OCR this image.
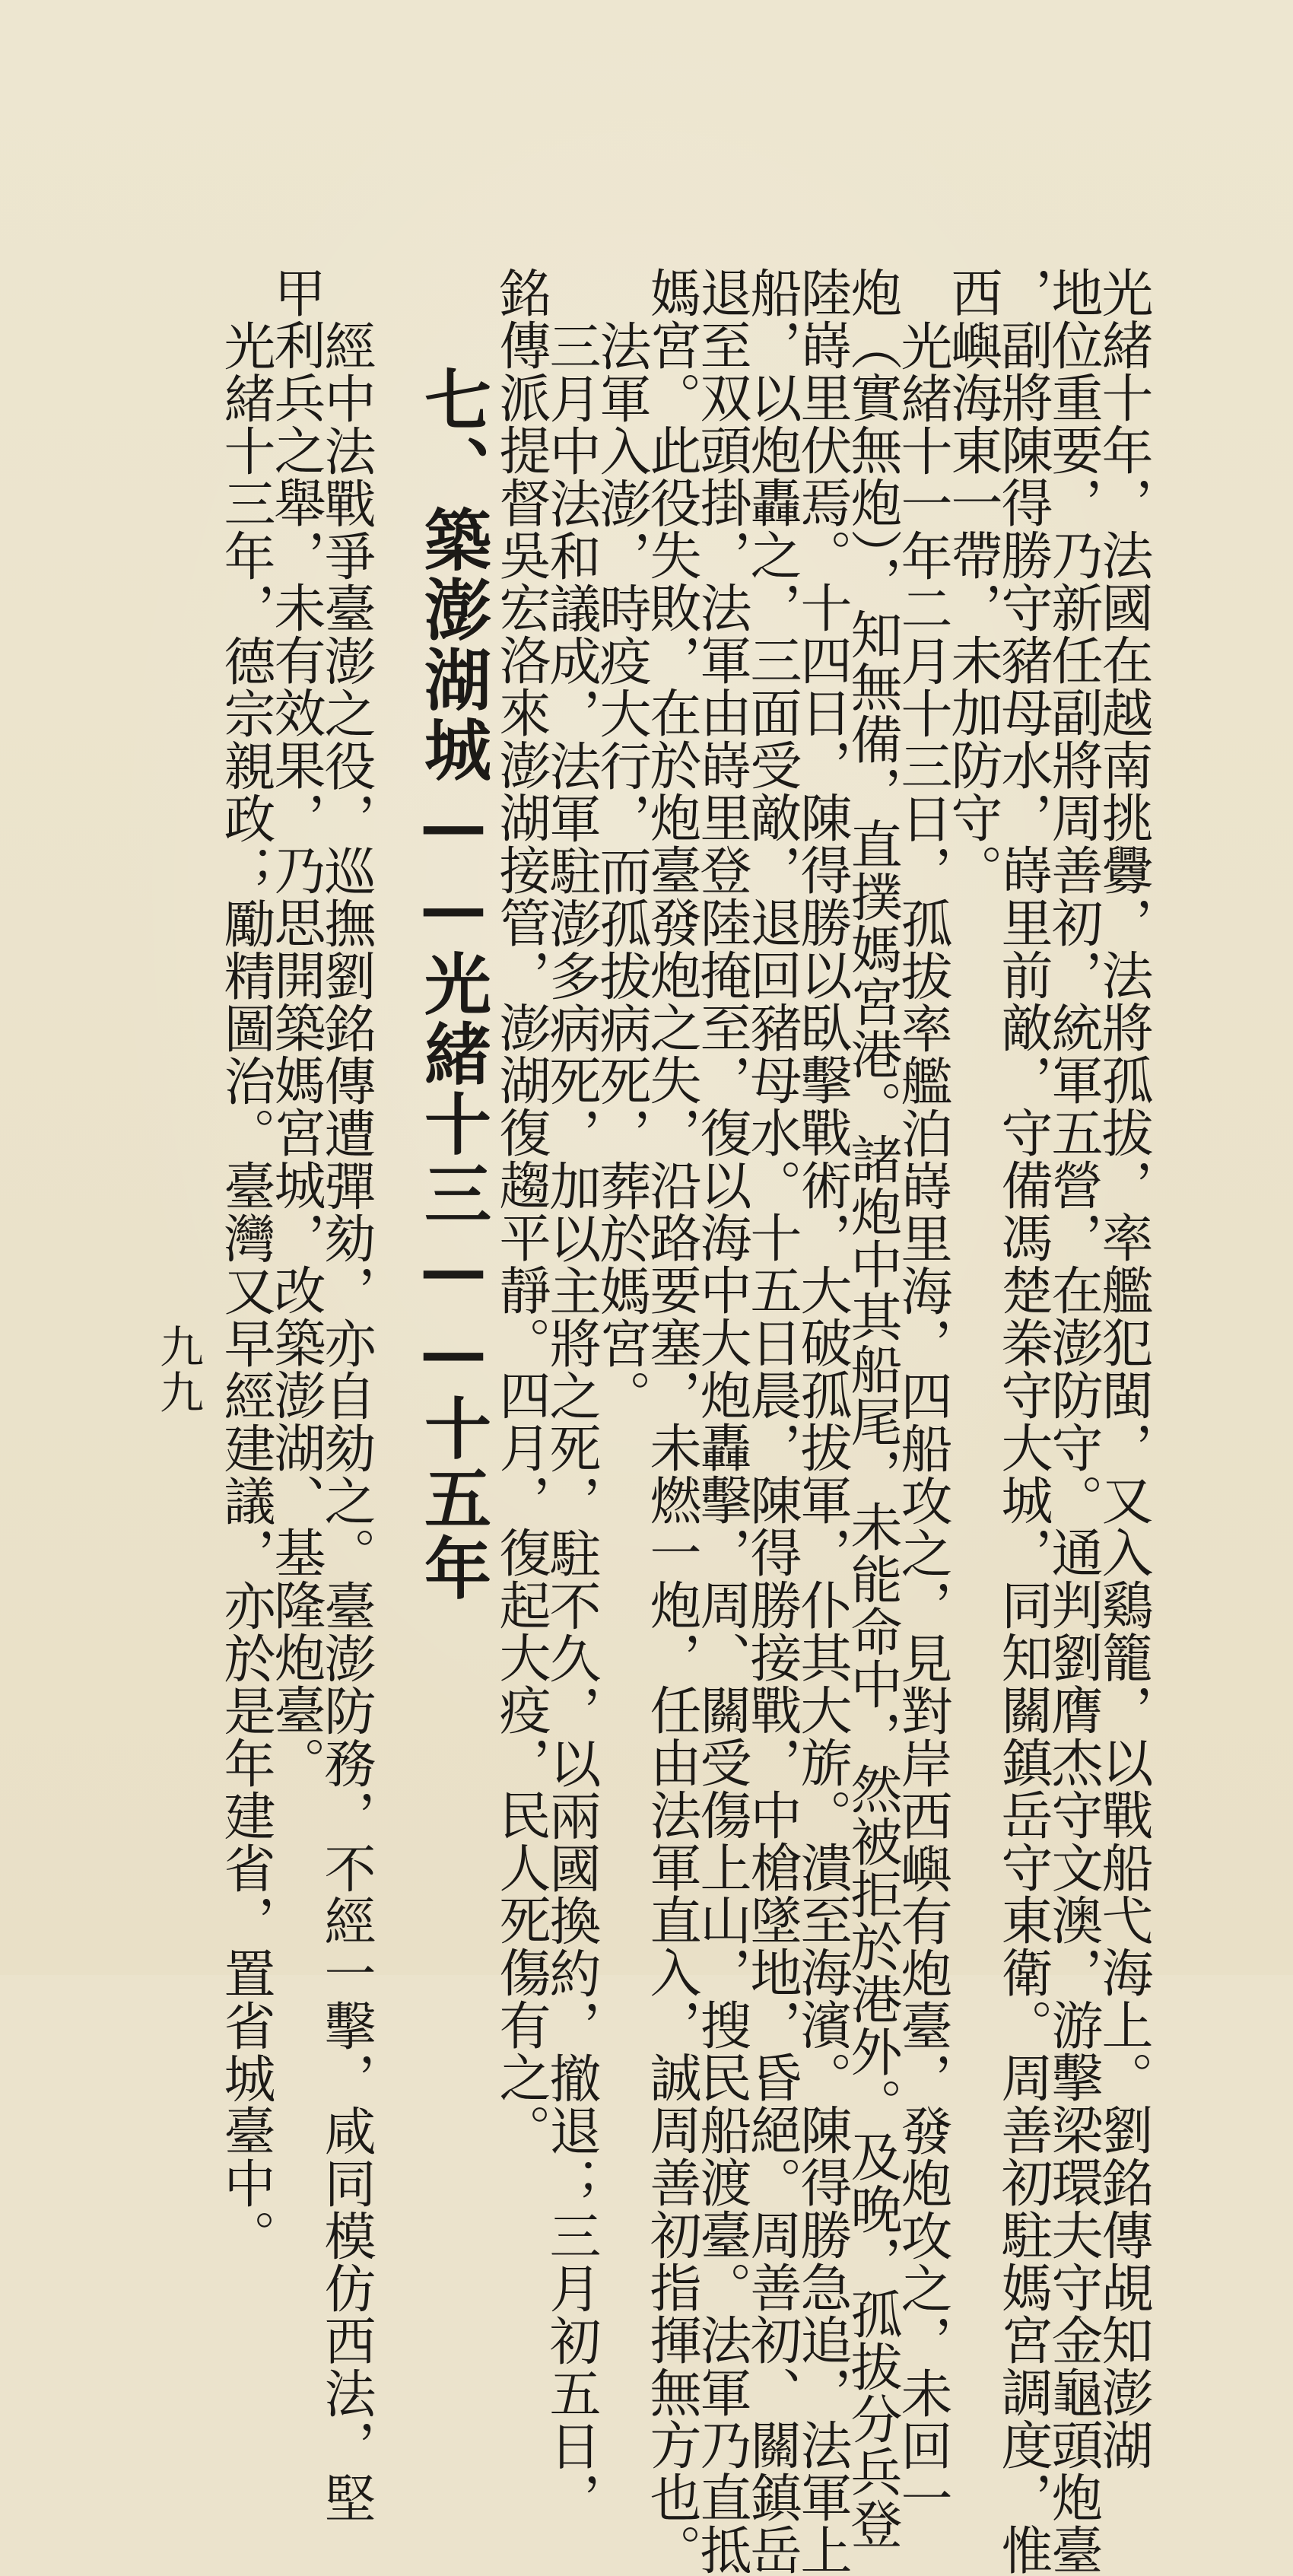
光緒十年，法國在越南挑釁，法將孤拔，率艦犯閩，又入鷄籠，以戰船弋海上。劉銘傳覘知澎湖
地位重要，乃新任副將周善初，統軍五營，在澎防守。通判劉膺杰守文澳，游擊梁環夫守金龜頭炮臺
，副將陳得勝守豬母水，嵵里前敵，守備馮楚桊守大城，同知關鎮岳守東衛。周善初駐媽宮調度，惟
西嶼海東一帶，未加防守。
光緒十一年二月十三日，孤拔率艦泊嵵里海，四船攻之，見對岸西嶼有炮臺，發炮攻之，未回一
炮（實無炮），知無備，直撲媽宮港。諸炮中其船尾，未能命中，然被拒於港外。及晚，孤拔分兵登
陸嵵里伏焉。十四日，陳得勝以臥擊戰術，大破孤拔軍，仆其大旂。潰至海濱。陳得勝急追，法軍上
船，以炮轟之，三面受敵，退回豬母水。十五日晨，陳得勝接戰，中槍墜地，昏絕。周善初、關鎮岳
退至双頭掛，法軍由嵵里登陸掩至，復以海中大炮轟擊，周、關受傷上山，搜民船渡臺。法軍乃直抵
媽宮。此役失敗，在於炮臺發炮之失，沿路要塞，未燃一炮，任由法軍直入，誠周善初指揮無方也。
法軍入澎，時疫大行，而孤拔病死，葬於媽宮。
三月中法和議成，法軍駐澎多病死，加以主將之死，駐不久，以兩國換約，撤退；三月初五日，
銘傳派提督吳宏洛來澎湖接管，澎湖復趨平靜。四月，復起大疫，民人死傷有之。
七、築澎湖城——光緒十三——十五年
經中法戰爭臺澎之役，巡撫劉銘傳遭彈劾，亦自劾之。臺澎防務，不經一擊，咸同模仿西法，堅
甲利兵之舉，未有效果，乃思開築媽宮城，改築澎湖、基隆炮臺。
光緒十三年，德宗親政；勵精圖治。臺灣又早經建議，亦於是年建省，置省城臺中。
九九
